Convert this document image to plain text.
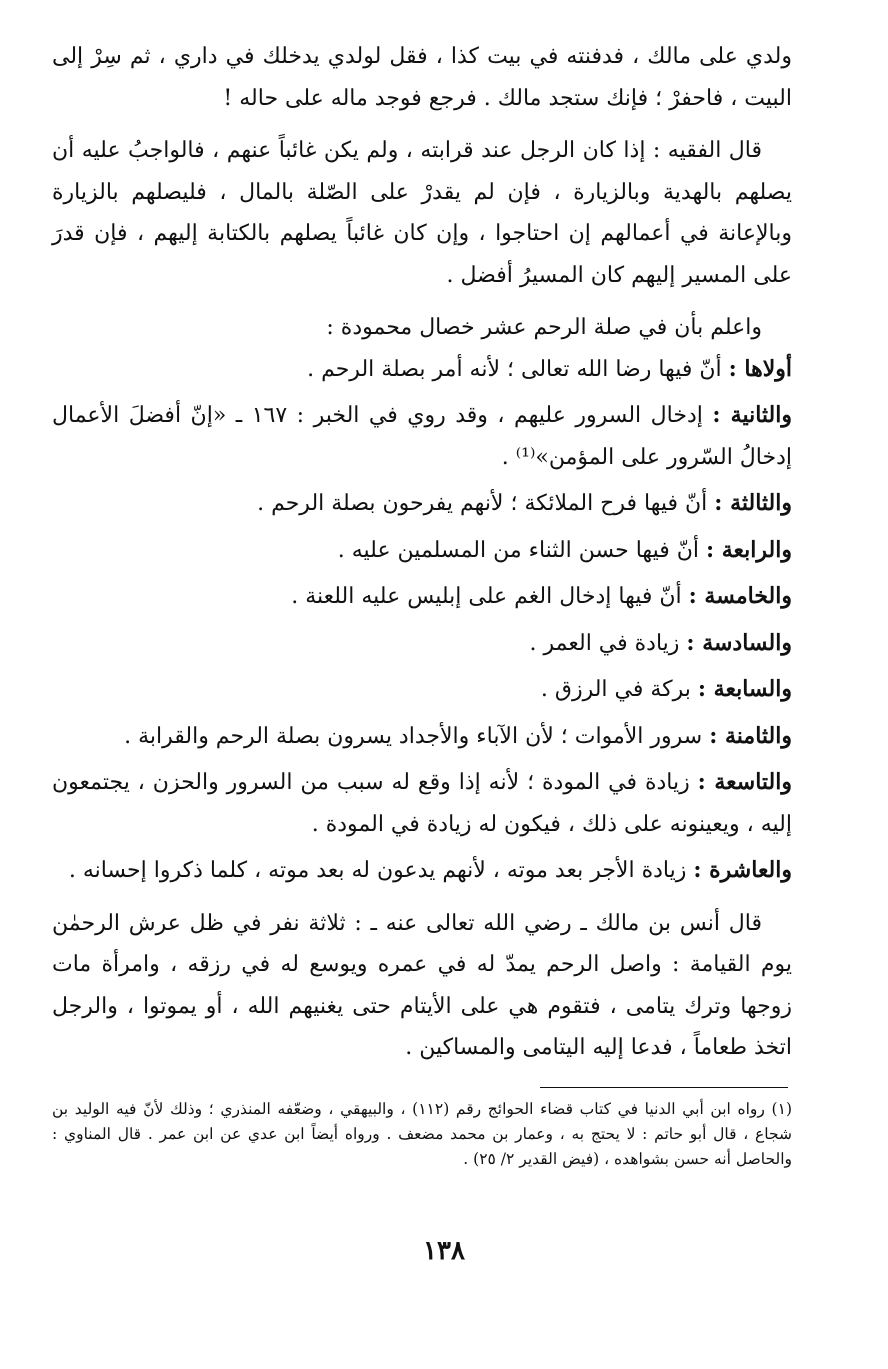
ولدي على مالك ، فدفنته في بيت كذا ، فقل لولدي يدخلك في داري ، ثم سِرْ إلى البيت ، فاحفرْ ؛ فإنك ستجد مالك . فرجع فوجد ماله على حاله !

قال الفقيه : إذا كان الرجل عند قرابته ، ولم يكن غائباً عنهم ، فالواجبُ عليه أن يصلهم بالهدية وبالزيارة ، فإن لم يقدرْ على الصّلة بالمال ، فليصلهم بالزيارة وبالإعانة في أعمالهم إن احتاجوا ، وإن كان غائباً يصلهم بالكتابة إليهم ، فإن قدرَ على المسير إليهم كان المسيرُ أفضل .

واعلم بأن في صلة الرحم عشر خصال محمودة :

أولاها : أنّ فيها رضا الله تعالى ؛ لأنه أمر بصلة الرحم .

والثانية : إدخال السرور عليهم ، وقد روي في الخبر : ١٦٧ ـ «إنّ أفضلَ الأعمال إدخالُ السّرور على المؤمن»⁽¹⁾ .

والثالثة : أنّ فيها فرح الملائكة ؛ لأنهم يفرحون بصلة الرحم .

والرابعة : أنّ فيها حسن الثناء من المسلمين عليه .

والخامسة : أنّ فيها إدخال الغم على إبليس عليه اللعنة .

والسادسة : زيادة في العمر .

والسابعة : بركة في الرزق .

والثامنة : سرور الأموات ؛ لأن الآباء والأجداد يسرون بصلة الرحم والقرابة .

والتاسعة : زيادة في المودة ؛ لأنه إذا وقع له سبب من السرور والحزن ، يجتمعون إليه ، ويعينونه على ذلك ، فيكون له زيادة في المودة .

والعاشرة : زيادة الأجر بعد موته ، لأنهم يدعون له بعد موته ، كلما ذكروا إحسانه .

قال أنس بن مالك ـ رضي الله تعالى عنه ـ : ثلاثة نفر في ظل عرش الرحمٰن يوم القيامة : واصل الرحم يمدّ له في عمره ويوسع له في رزقه ، وامرأة مات زوجها وترك يتامى ، فتقوم هي على الأيتام حتى يغنيهم الله ، أو يموتوا ، والرجل اتخذ طعاماً ، فدعا إليه اليتامى والمساكين .

(١) رواه ابن أبي الدنيا في كتاب قضاء الحوائج رقم (١١٢) ، والبيهقي ، وضعّفه المنذري ؛ وذلك لأنّ فيه الوليد بن شجاع ، قال أبو حاتم : لا يحتج به ، وعمار بن محمد مضعف . ورواه أيضاً ابن عدي عن ابن عمر . قال المناوي : والحاصل أنه حسن بشواهده ، (فيض القدير ٢/ ٢٥) .

١٣٨
